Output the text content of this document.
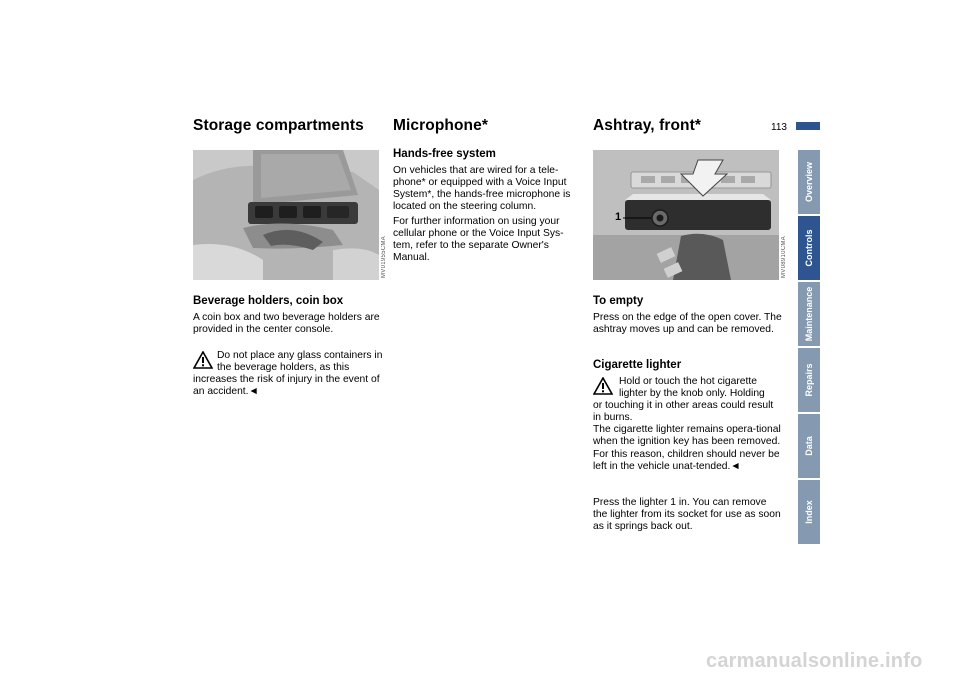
Storage compartments
MV01955CMA
Beverage holders, coin box
A coin box and two beverage holders are provided in the center console.
Do not place any glass containers in the beverage holders, as this
increases the risk of injury in the event of an accident.◄
Microphone*
Hands-free system
On vehicles that are wired for a tele-phone* or equipped with a Voice Input System*, the hands-free microphone is located on the steering column.
For further information on using your cellular phone or the Voice Input Sys-tem, refer to the separate Owner's Manual.
Ashtray, front*	113
1
MV08910CMA
To empty
Press on the edge of the open cover. The ashtray moves up and can be removed.
Cigarette lighter
Hold or touch the hot cigarette lighter by the knob only. Holding
or touching it in other areas could result in burns.
The cigarette lighter remains opera-tional when the ignition key has been removed. For this reason, children should never be left in the vehicle unat-tended.◄
Press the lighter 1 in. You can remove the lighter from its socket for use as soon as it springs back out.
Overview
Controls
Maintenance
Repairs
Data
Index
carmanualsonline.info
